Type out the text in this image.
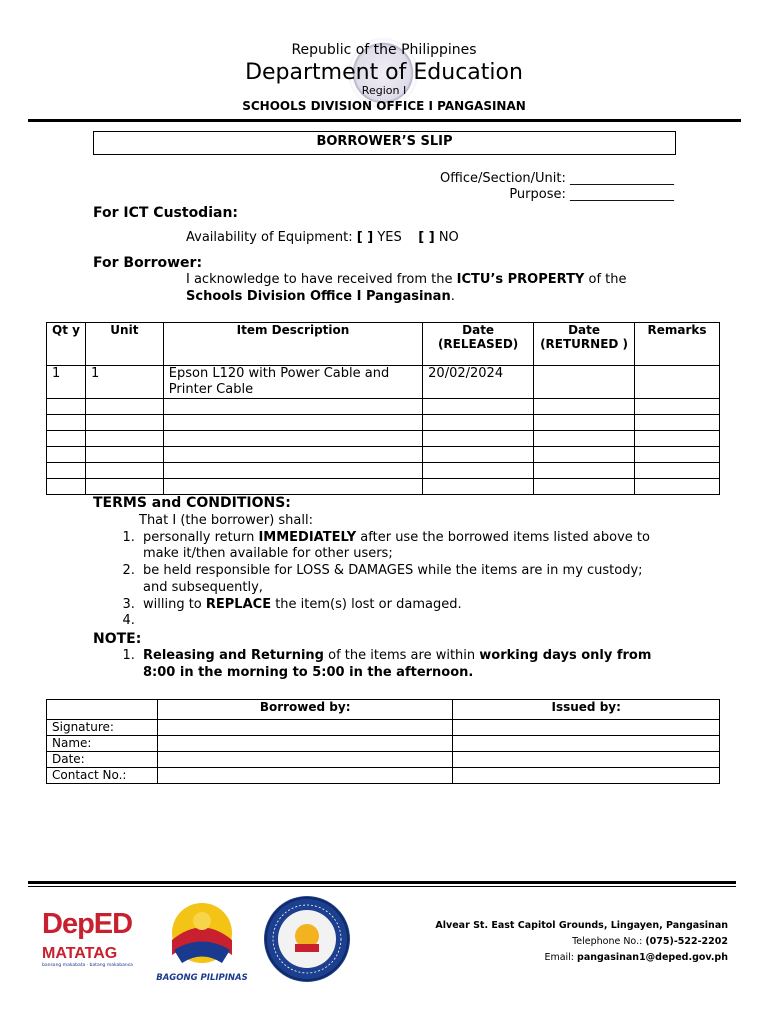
Republic of the Philippines
Department of Education
Region I
SCHOOLS DIVISION OFFICE I PANGASINAN
BORROWER’S SLIP
Office/Section/Unit: ________________
Purpose: ________________
For ICT Custodian:
Availability of Equipment: [ ] YES [ ] NO
For Borrower:
I acknowledge to have received from the ICTU’s PROPERTY of the
Schools Division Office I Pangasinan.
Qt y	Unit	Item Description	Date (RELEASED)	Date (RETURNED )	Remarks
1	1	Epson L120 with Power Cable and Printer Cable	20/02/2024		

TERMS and CONDITIONS:
That I (the borrower) shall:
1. personally return IMMEDIATELY after use the borrowed items listed above to make it/then available for other users;
2. be held responsible for LOSS & DAMAGES while the items are in my custody; and subsequently,
3. willing to REPLACE the item(s) lost or damaged.
4.
NOTE:
1. Releasing and Returning of the items are within working days only from 8:00 in the morning to 5:00 in the afternoon.
	Borrowed by:	Issued by:
Signature:		
Name:		
Date:		
Contact No.:		
DepED
MATATAG
bansang makabata · batang makabansa
BAGONG PILIPINAS
Alvear St. East Capitol Grounds, Lingayen, Pangasinan
Telephone No.: (075)-522-2202
Email: pangasinan1@deped.gov.ph
